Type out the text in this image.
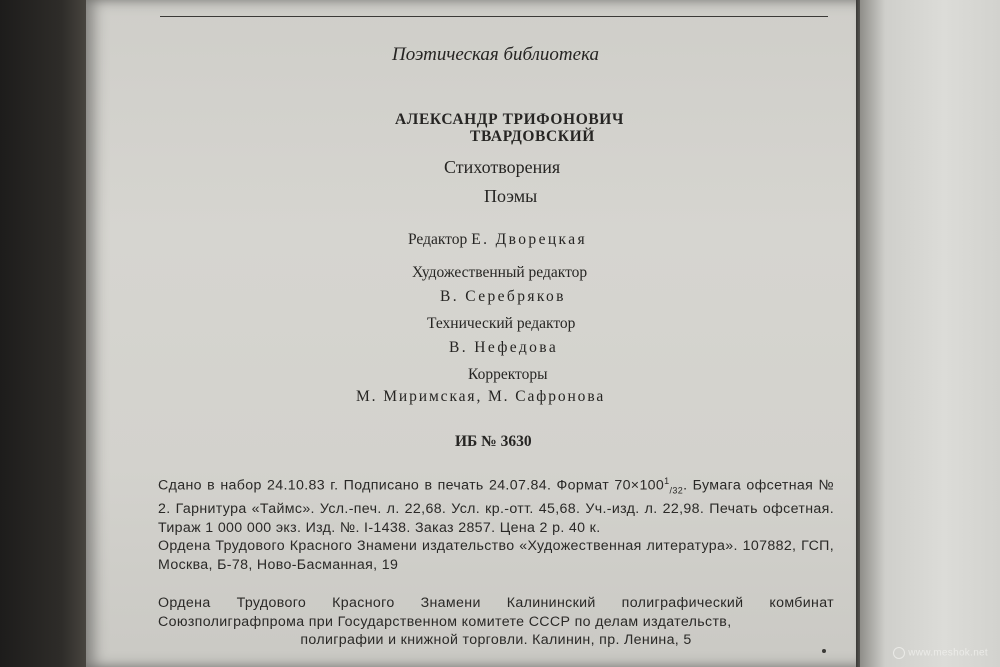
Поэтическая библиотека
АЛЕКСАНДР ТРИФОНОВИЧ
ТВАРДОВСКИЙ
Стихотворения
Поэмы
Редактор Е. Дворецкая
Художественный редактор
В. Серебряков
Технический редактор
В. Нефедова
Корректоры
М. Миримская, М. Сафронова
ИБ № 3630

Сдано в набор 24.10.83 г. Подписано в печать 24.07.84. Формат $70\times 100^1_{/32}$. Бумага офсетная № 2. Гарнитура «Таймс». Усл.-печ. л. 22,68. Усл. кр.-отт. 45,68. Уч.-изд. л. 22,98. Печать офсетная. Тираж 1 000 000 экз. Изд. №. I-1438. Заказ 2857. Цена 2 р. 40 к.

Ордена Трудового Красного Знамени издательство «Художественная литература». 107882, ГСП, Москва, Б-78, Ново-Басманная, 19

Ордена Трудового Красного Знамени Калининский полиграфический комбинат Союзполиграфпрома при Государственном комитете СССР по делам издательств,

полиграфии и книжной торговли. Калинин, пр. Ленина, 5

www.meshok.net
